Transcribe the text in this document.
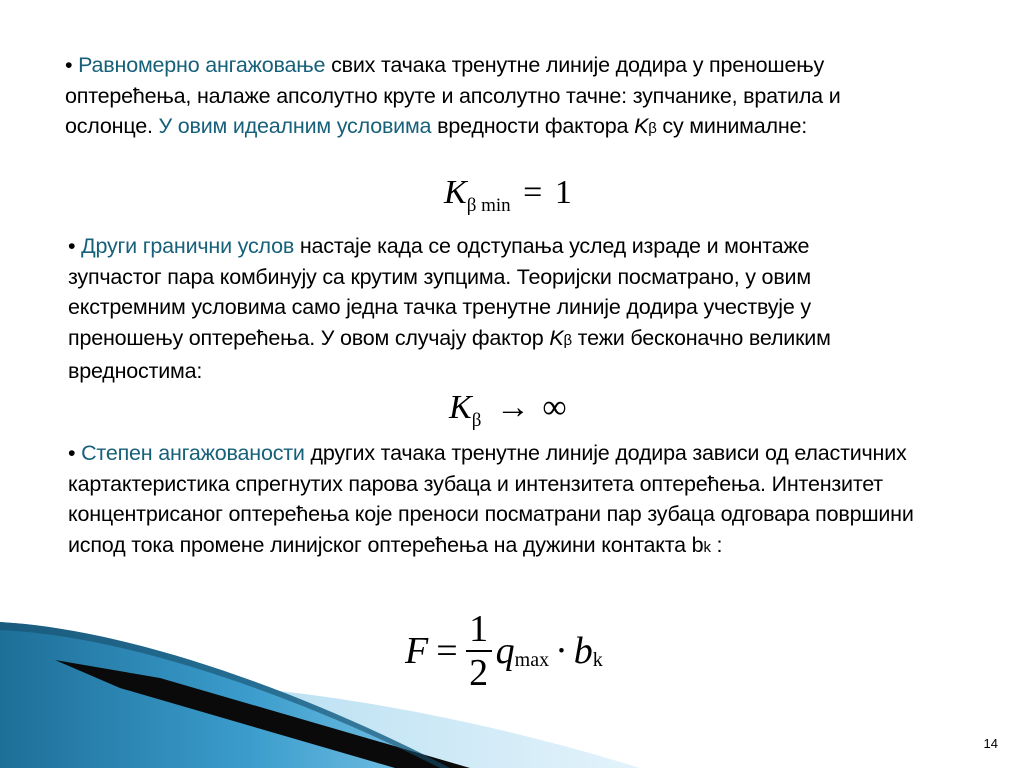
• Равномерно ангажовање свих тачака тренутне линије додира у преношењу оптерећења, налаже апсолутно круте и апсолутно тачне: зупчанике, вратила и ослонце. У овим идеалним условима вредности фактора Kβ су минималне:

$K_{\beta min} = 1$

• Други гранични услов настаје када се одступања услед израде и монтаже зупчастог пара комбинују са крутим зупцима. Теоријски посматрано, у овим екстремним условима само једна тачка тренутне линије додира учествује у преношењу оптерећења. У овом случају фактор Kβ тежи бесконачно великим вредностима:

$K_\beta$ → ∞

• Степен ангажованости других тачака тренутне линије додира зависи од еластичних картактеристика спрегнутих парова зубаца и интензитета оптерећења. Интензитет концентрисаног оптерећења које преноси посматрани пар зубаца одговара површини испод тока промене линијског оптерећења на дужини контакта bk :

F =
1
2
q max · b k
14
